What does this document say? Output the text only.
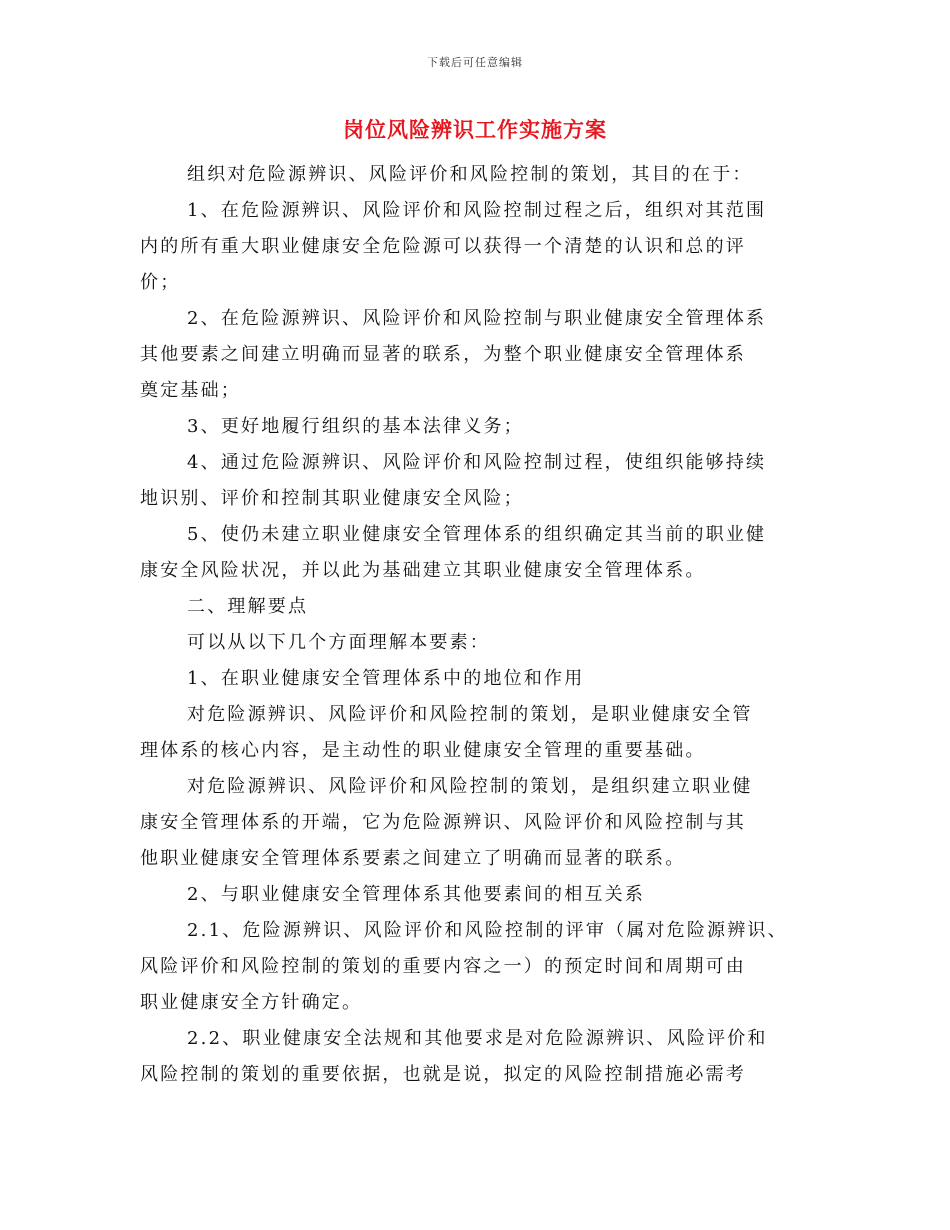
下载后可任意编辑
岗位风险辨识工作实施方案
组织对危险源辨识、风险评价和风险控制的策划，其目的在于：
1、在危险源辨识、风险评价和风险控制过程之后，组织对其范围
内的所有重大职业健康安全危险源可以获得一个清楚的认识和总的评
价；
2、在危险源辨识、风险评价和风险控制与职业健康安全管理体系
其他要素之间建立明确而显著的联系，为整个职业健康安全管理体系
奠定基础；
3、更好地履行组织的基本法律义务；
4、通过危险源辨识、风险评价和风险控制过程，使组织能够持续
地识别、评价和控制其职业健康安全风险；
5、使仍未建立职业健康安全管理体系的组织确定其当前的职业健
康安全风险状况，并以此为基础建立其职业健康安全管理体系。
二、理解要点
可以从以下几个方面理解本要素：
1、在职业健康安全管理体系中的地位和作用
对危险源辨识、风险评价和风险控制的策划，是职业健康安全管
理体系的核心内容，是主动性的职业健康安全管理的重要基础。
对危险源辨识、风险评价和风险控制的策划，是组织建立职业健
康安全管理体系的开端，它为危险源辨识、风险评价和风险控制与其
他职业健康安全管理体系要素之间建立了明确而显著的联系。
2、与职业健康安全管理体系其他要素间的相互关系
2.1、危险源辨识、风险评价和风险控制的评审（属对危险源辨识、
风险评价和风险控制的策划的重要内容之一）的预定时间和周期可由
职业健康安全方针确定。
2.2、职业健康安全法规和其他要求是对危险源辨识、风险评价和
风险控制的策划的重要依据，也就是说，拟定的风险控制措施必需考
